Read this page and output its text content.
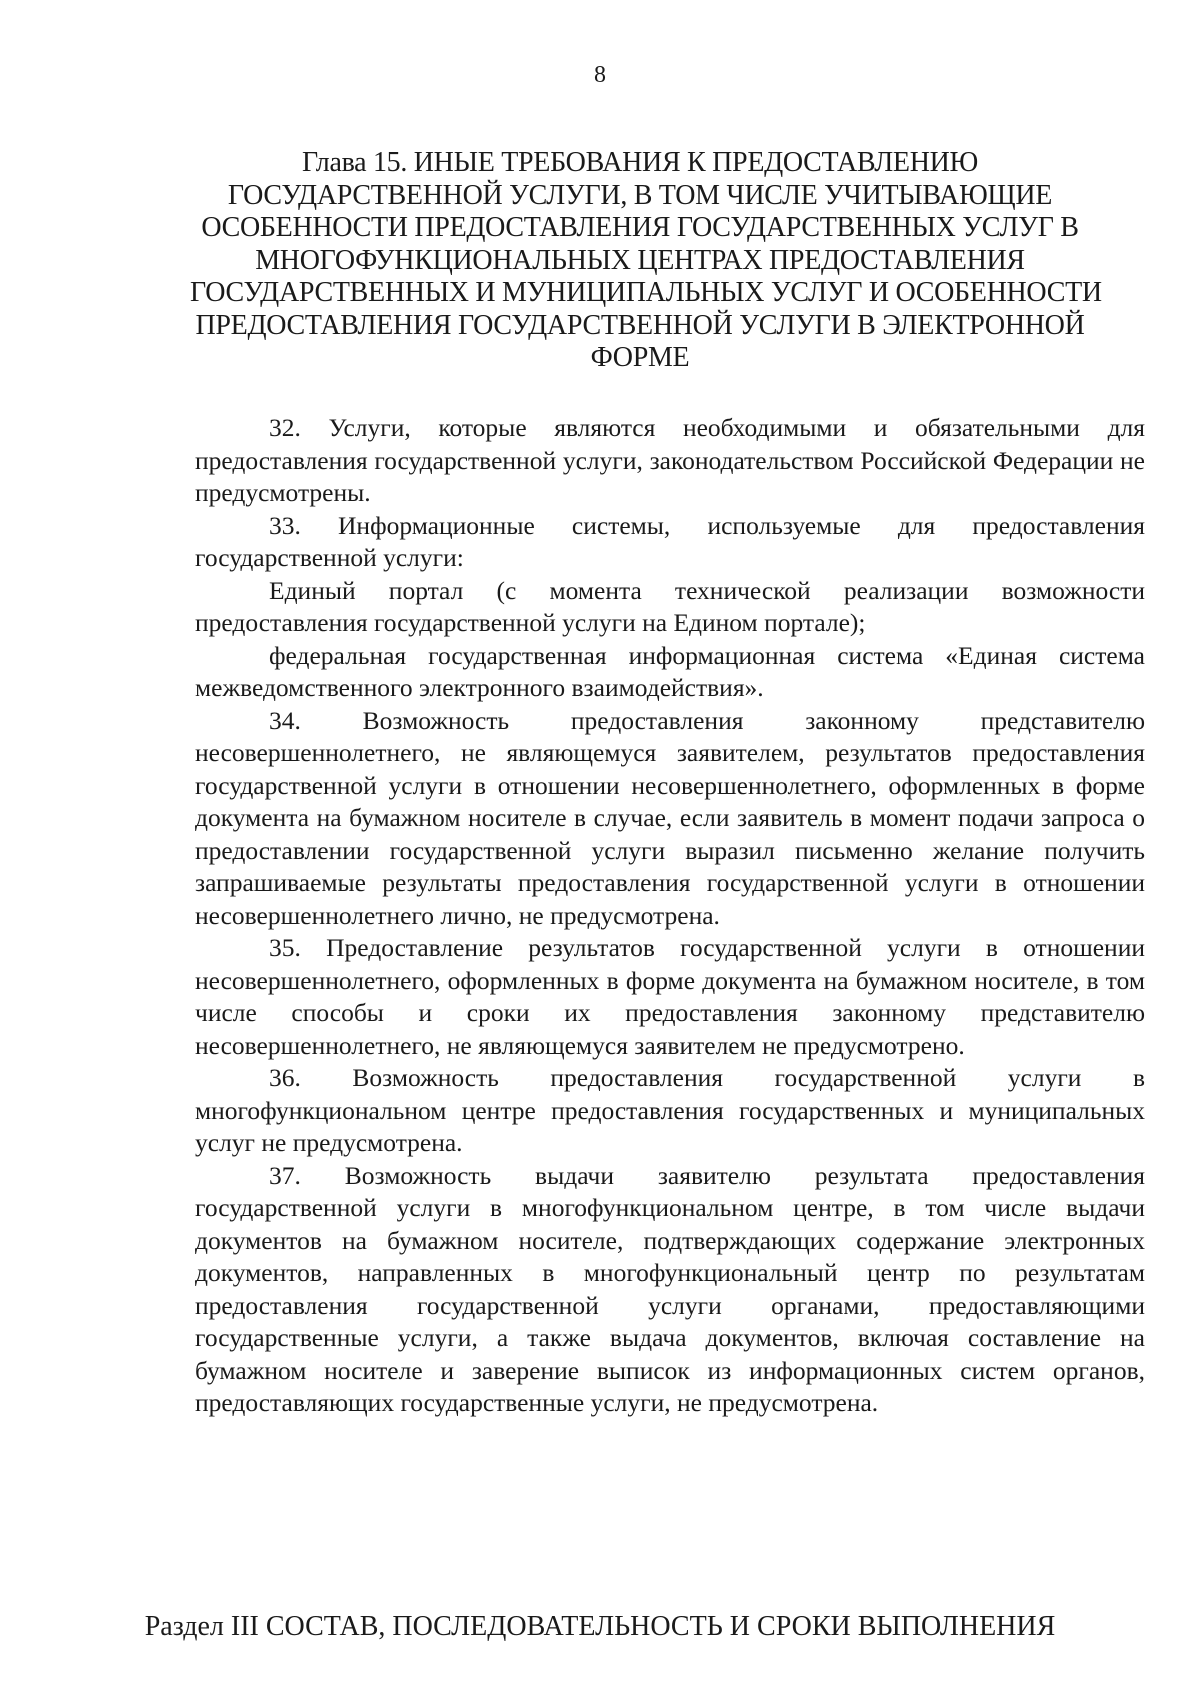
8
Глава 15. ИНЫЕ ТРЕБОВАНИЯ К ПРЕДОСТАВЛЕНИЮ
ГОСУДАРСТВЕННОЙ УСЛУГИ, В ТОМ ЧИСЛЕ УЧИТЫВАЮЩИЕ
ОСОБЕННОСТИ ПРЕДОСТАВЛЕНИЯ ГОСУДАРСТВЕННЫХ УСЛУГ В
МНОГОФУНКЦИОНАЛЬНЫХ ЦЕНТРАХ ПРЕДОСТАВЛЕНИЯ
ГОСУДАРСТВЕННЫХ И МУНИЦИПАЛЬНЫХ УСЛУГ И ОСОБЕННОСТИ
ПРЕДОСТАВЛЕНИЯ ГОСУДАРСТВЕННОЙ УСЛУГИ В ЭЛЕКТРОННОЙ
ФОРМЕ

32. Услуги, которые являются необходимыми и обязательными для предоставления государственной услуги, законодательством Российской Федерации не предусмотрены.

33. Информационные системы, используемые для предоставления государственной услуги:

Единый портал (с момента технической реализации возможности предоставления государственной услуги на Едином портале);

федеральная государственная информационная система «Единая система межведомственного электронного взаимодействия».

34. Возможность предоставления законному представителю несовершеннолетнего, не являющемуся заявителем, результатов предоставления государственной услуги в отношении несовершеннолетнего, оформленных в форме документа на бумажном носителе в случае, если заявитель в момент подачи запроса о предоставлении государственной услуги выразил письменно желание получить запрашиваемые результаты предоставления государственной услуги в отношении несовершеннолетнего лично, не предусмотрена.

35. Предоставление результатов государственной услуги в отношении несовершеннолетнего, оформленных в форме документа на бумажном носителе, в том числе способы и сроки их предоставления законному представителю несовершеннолетнего, не являющемуся заявителем не предусмотрено.

36. Возможность предоставления государственной услуги в многофункциональном центре предоставления государственных и муниципальных услуг не предусмотрена.

37. Возможность выдачи заявителю результата предоставления государственной услуги в многофункциональном центре, в том числе выдачи документов на бумажном носителе, подтверждающих содержание электронных документов, направленных в многофункциональный центр по результатам предоставления государственной услуги органами, предоставляющими государственные услуги, а также выдача документов, включая составление на бумажном носителе и заверение выписок из информационных систем органов, предоставляющих государственные услуги, не предусмотрена.

Раздел III СОСТАВ, ПОСЛЕДОВАТЕЛЬНОСТЬ И СРОКИ ВЫПОЛНЕНИЯ
